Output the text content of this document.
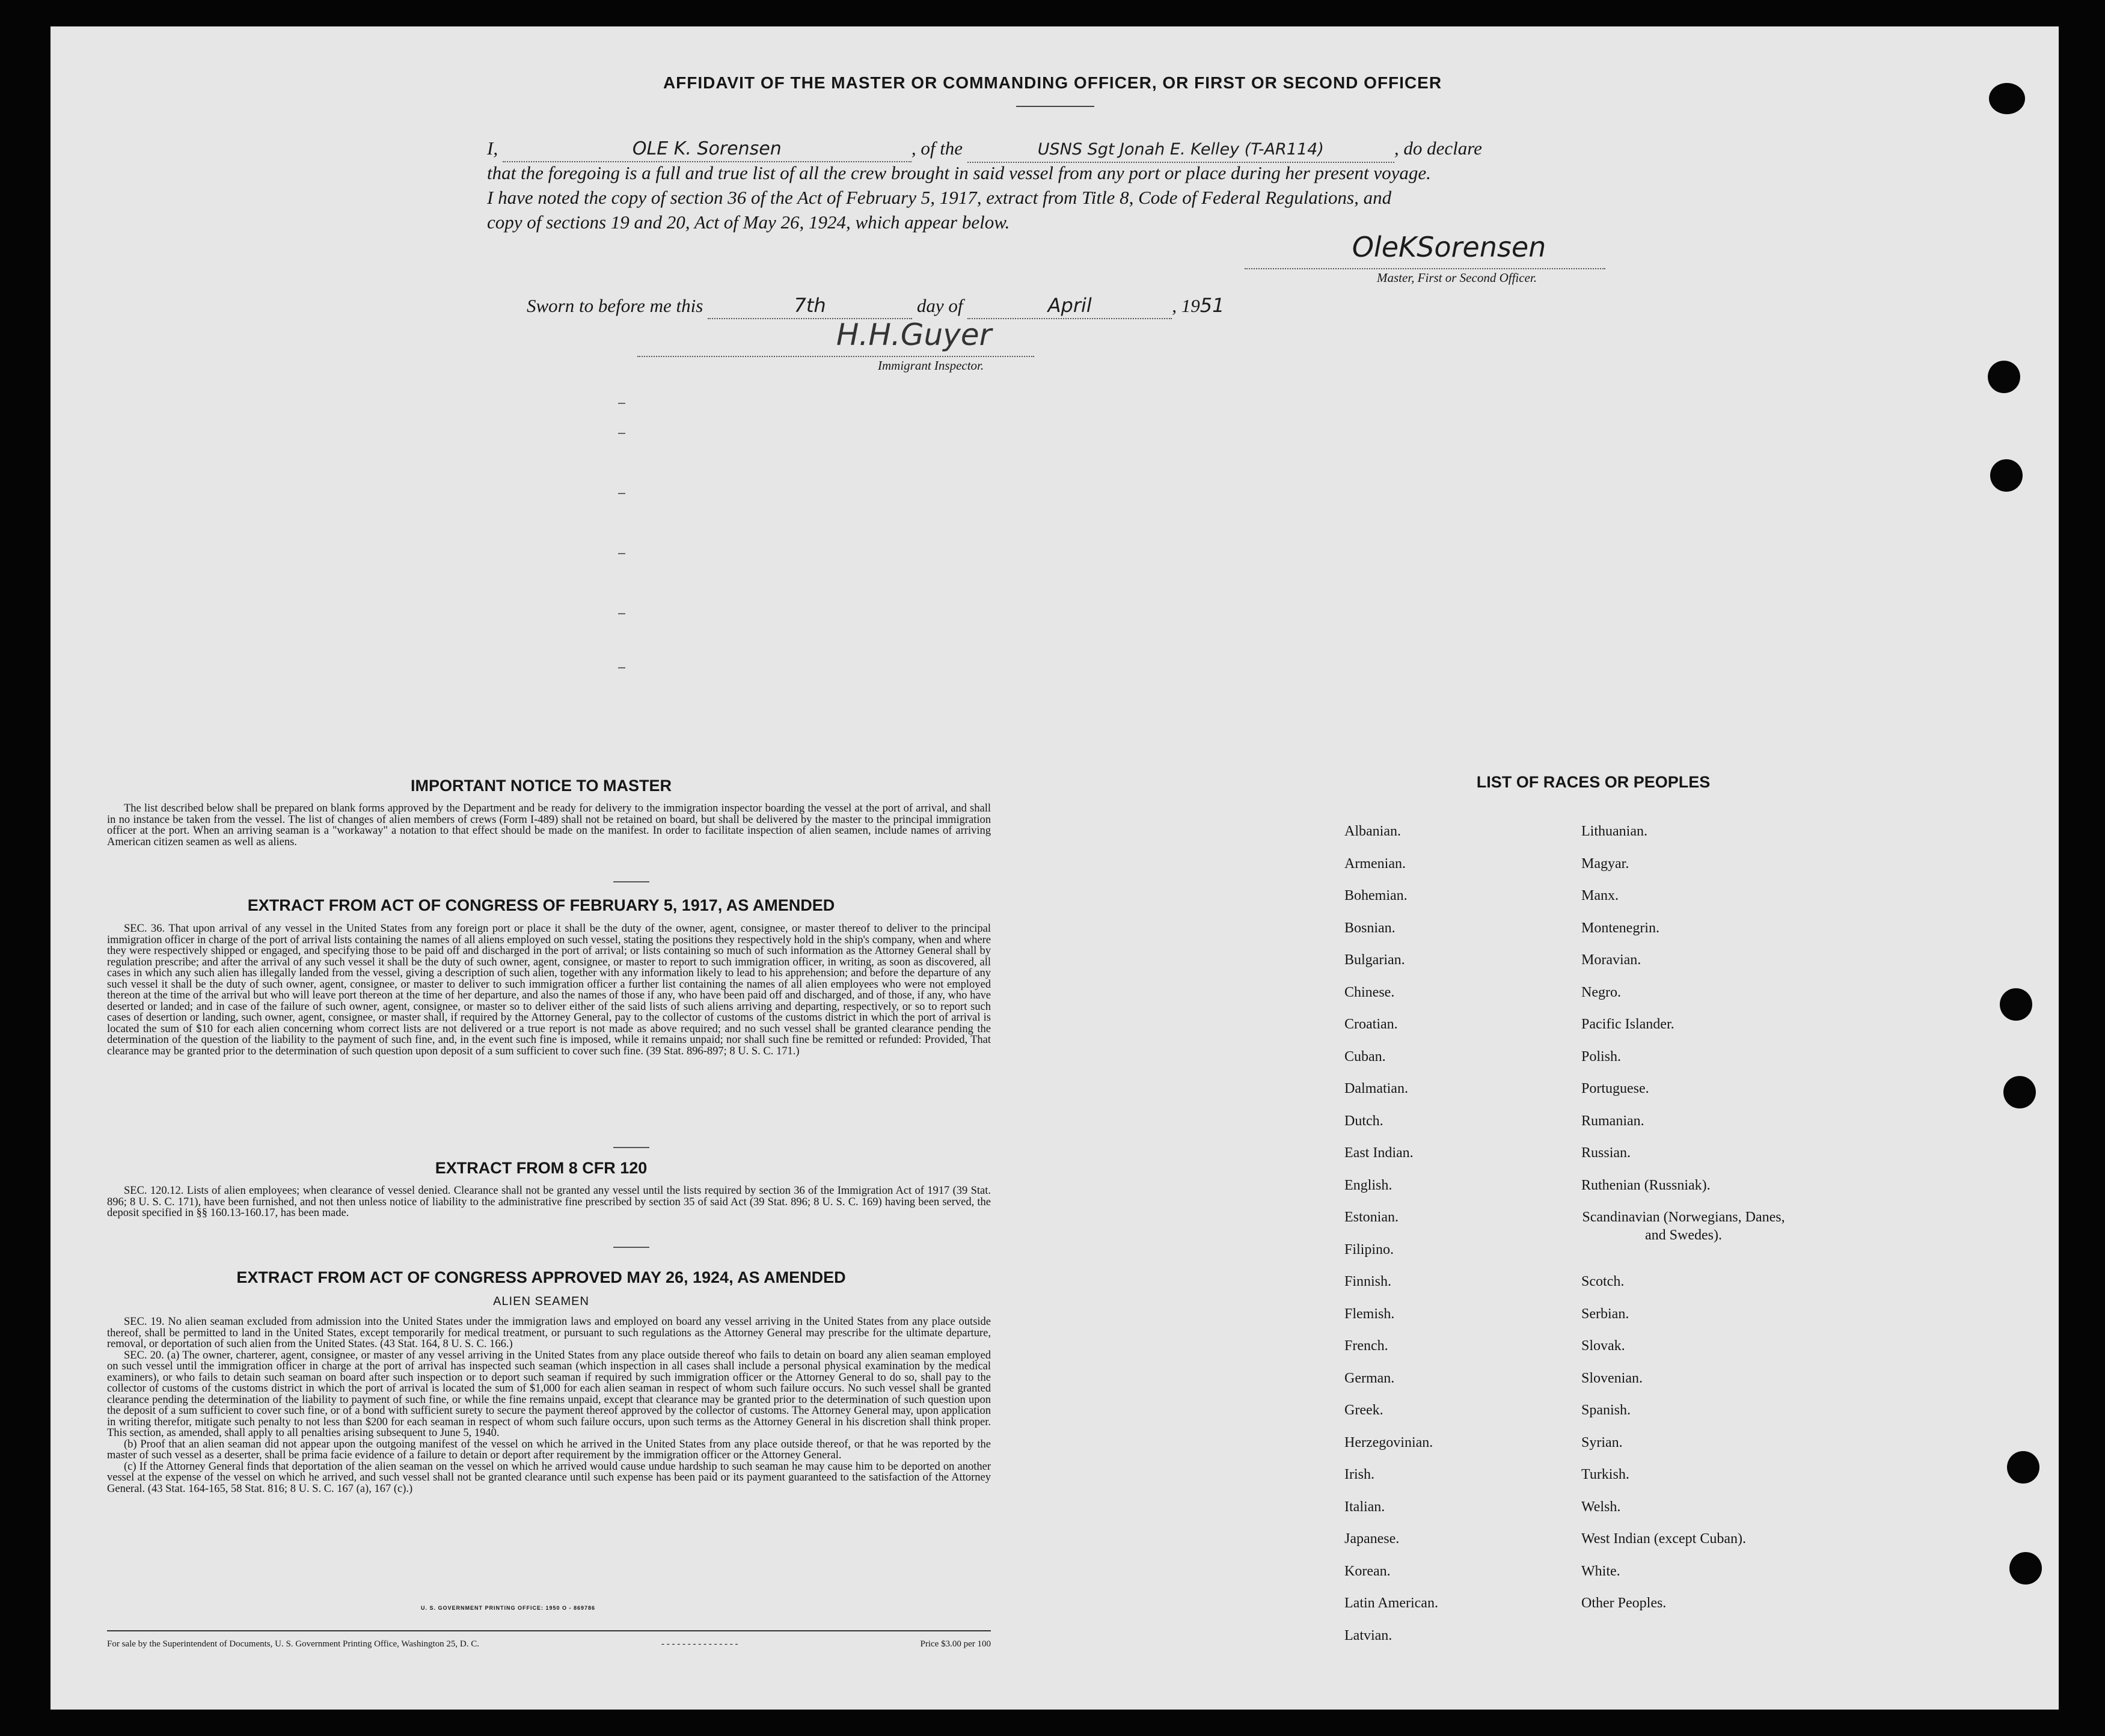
AFFIDAVIT OF THE MASTER OR COMMANDING OFFICER, OR FIRST OR SECOND OFFICER
I,	OLE K. Sorensen	, of the	USNS Sgt Jonah E. Kelley (T-AR114)	, do declare
that the foregoing is a full and true list of all the crew brought in said vessel from any port or place during her present voyage.
I have noted the copy of section 36 of the Act of February 5, 1917, extract from Title 8, Code of Federal Regulations, and
copy of sections 19 and 20, Act of May 26, 1924, which appear below.
OleKSorensen
Master, First or Second Officer.
Sworn to before me this	7th	day of	April	, 1951
H.H.Guyer
Immigrant Inspector.
IMPORTANT NOTICE TO MASTER

The list described below shall be prepared on blank forms approved by the Department and be ready for delivery to the immigration inspector boarding the vessel at the port of arrival, and shall in no instance be taken from the vessel. The list of changes of alien members of crews (Form I-489) shall not be retained on board, but shall be delivered by the master to the principal immigration officer at the port. When an arriving seaman is a "workaway" a notation to that effect should be made on the manifest. In order to facilitate inspection of alien seamen, include names of arriving American citizen seamen as well as aliens.

EXTRACT FROM ACT OF CONGRESS OF FEBRUARY 5, 1917, AS AMENDED

SEC. 36. That upon arrival of any vessel in the United States from any foreign port or place it shall be the duty of the owner, agent, consignee, or master thereof to deliver to the principal immigration officer in charge of the port of arrival lists containing the names of all aliens employed on such vessel, stating the positions they respectively hold in the ship's company, when and where they were respectively shipped or engaged, and specifying those to be paid off and discharged in the port of arrival; or lists containing so much of such information as the Attorney General shall by regulation prescribe; and after the arrival of any such vessel it shall be the duty of such owner, agent, consignee, or master to report to such immigration officer, in writing, as soon as discovered, all cases in which any such alien has illegally landed from the vessel, giving a description of such alien, together with any information likely to lead to his apprehension; and before the departure of any such vessel it shall be the duty of such owner, agent, consignee, or master to deliver to such immigration officer a further list containing the names of all alien employees who were not employed thereon at the time of the arrival but who will leave port thereon at the time of her departure, and also the names of those if any, who have been paid off and discharged, and of those, if any, who have deserted or landed; and in case of the failure of such owner, agent, consignee, or master so to deliver either of the said lists of such aliens arriving and departing, respectively, or so to report such cases of desertion or landing, such owner, agent, consignee, or master shall, if required by the Attorney General, pay to the collector of customs of the customs district in which the port of arrival is located the sum of $10 for each alien concerning whom correct lists are not delivered or a true report is not made as above required; and no such vessel shall be granted clearance pending the determination of the question of the liability to the payment of such fine, and, in the event such fine is imposed, while it remains unpaid; nor shall such fine be remitted or refunded: Provided, That clearance may be granted prior to the determination of such question upon deposit of a sum sufficient to cover such fine. (39 Stat. 896-897; 8 U. S. C. 171.)

EXTRACT FROM 8 CFR 120

SEC. 120.12. Lists of alien employees; when clearance of vessel denied. Clearance shall not be granted any vessel until the lists required by section 36 of the Immigration Act of 1917 (39 Stat. 896; 8 U. S. C. 171), have been furnished, and not then unless notice of liability to the administrative fine prescribed by section 35 of said Act (39 Stat. 896; 8 U. S. C. 169) having been served, the deposit specified in §§ 160.13-160.17, has been made.

EXTRACT FROM ACT OF CONGRESS APPROVED MAY 26, 1924, AS AMENDED
ALIEN SEAMEN

SEC. 19. No alien seaman excluded from admission into the United States under the immigration laws and employed on board any vessel arriving in the United States from any place outside thereof, shall be permitted to land in the United States, except temporarily for medical treatment, or pursuant to such regulations as the Attorney General may prescribe for the ultimate departure, removal, or deportation of such alien from the United States. (43 Stat. 164, 8 U. S. C. 166.)

SEC. 20. (a) The owner, charterer, agent, consignee, or master of any vessel arriving in the United States from any place outside thereof who fails to detain on board any alien seaman employed on such vessel until the immigration officer in charge at the port of arrival has inspected such seaman (which inspection in all cases shall include a personal physical examination by the medical examiners), or who fails to detain such seaman on board after such inspection or to deport such seaman if required by such immigration officer or the Attorney General to do so, shall pay to the collector of customs of the customs district in which the port of arrival is located the sum of $1,000 for each alien seaman in respect of whom such failure occurs. No such vessel shall be granted clearance pending the determination of the liability to payment of such fine, or while the fine remains unpaid, except that clearance may be granted prior to the determination of such question upon the deposit of a sum sufficient to cover such fine, or of a bond with sufficient surety to secure the payment thereof approved by the collector of customs. The Attorney General may, upon application in writing therefor, mitigate such penalty to not less than $200 for each seaman in respect of whom such failure occurs, upon such terms as the Attorney General in his discretion shall think proper. This section, as amended, shall apply to all penalties arising subsequent to June 5, 1940.

(b) Proof that an alien seaman did not appear upon the outgoing manifest of the vessel on which he arrived in the United States from any place outside thereof, or that he was reported by the master of such vessel as a deserter, shall be prima facie evidence of a failure to detain or deport after requirement by the immigration officer or the Attorney General.

(c) If the Attorney General finds that deportation of the alien seaman on the vessel on which he arrived would cause undue hardship to such seaman he may cause him to be deported on another vessel at the expense of the vessel on which he arrived, and such vessel shall not be granted clearance until such expense has been paid or its payment guaranteed to the satisfaction of the Attorney General. (43 Stat. 164-165, 58 Stat. 816; 8 U. S. C. 167 (a), 167 (c).)

U. S. GOVERNMENT PRINTING OFFICE: 1950 O - 869786
For sale by the Superintendent of Documents, U. S. Government Printing Office, Washington 25, D. C.	- - - - - - - - - - - - - - -	Price $3.00 per 100
LIST OF RACES OR PEOPLES
Albanian.
Armenian.
Bohemian.
Bosnian.
Bulgarian.
Chinese.
Croatian.
Cuban.
Dalmatian.
Dutch.
East Indian.
English.
Estonian.
Filipino.
Finnish.
Flemish.
French.
German.
Greek.
Herzegovinian.
Irish.
Italian.
Japanese.
Korean.
Latin American.
Latvian.
Lithuanian.
Magyar.
Manx.
Montenegrin.
Moravian.
Negro.
Pacific Islander.
Polish.
Portuguese.
Rumanian.
Russian.
Ruthenian (Russniak).
Scandinavian (Norwegians, Danes, and Swedes).
Scotch.
Serbian.
Slovak.
Slovenian.
Spanish.
Syrian.
Turkish.
Welsh.
West Indian (except Cuban).
White.
Other Peoples.
